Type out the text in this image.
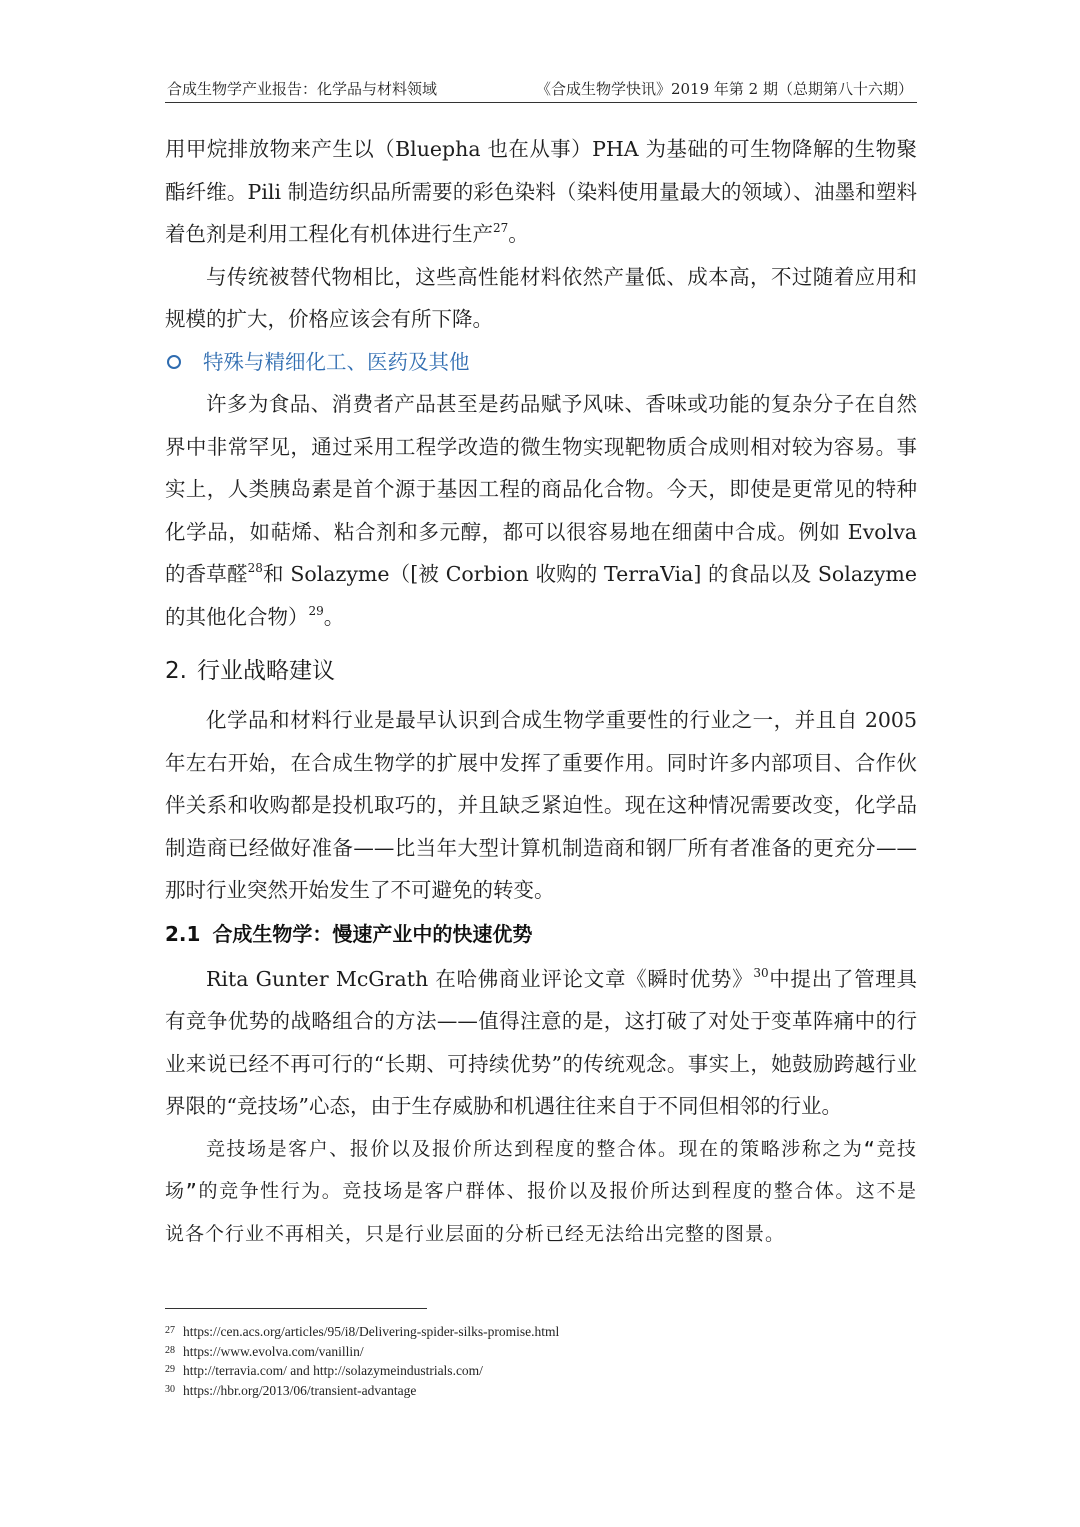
合成生物学产业报告：化学品与材料领域	《合成生物学快讯》2019 年第 2 期（总期第八十六期）

用甲烷排放物来产生以（Bluepha 也在从事）PHA 为基础的可生物降解的生物聚酯纤维。Pili 制造纺织品所需要的彩色染料（染料使用量最大的领域）、油墨和塑料着色剂是利用工程化有机体进行生产$^{27}$。

与传统被替代物相比，这些高性能材料依然产量低、成本高，不过随着应用和规模的扩大，价格应该会有所下降。

特殊与精细化工、医药及其他

许多为食品、消费者产品甚至是药品赋予风味、香味或功能的复杂分子在自然界中非常罕见，通过采用工程学改造的微生物实现靶物质合成则相对较为容易。事实上，人类胰岛素是首个源于基因工程的商品化合物。今天，即使是更常见的特种化学品，如萜烯、粘合剂和多元醇，都可以很容易地在细菌中合成。例如 Evolva 的香草醛$^{28}$和 Solazyme（[被 Corbion 收购的 TerraVia] 的食品以及 Solazyme 的其他化合物）$^{29}$。

2. 行业战略建议

化学品和材料行业是最早认识到合成生物学重要性的行业之一，并且自 2005 年左右开始，在合成生物学的扩展中发挥了重要作用。同时许多内部项目、合作伙伴关系和收购都是投机取巧的，并且缺乏紧迫性。现在这种情况需要改变，化学品制造商已经做好准备——比当年大型计算机制造商和钢厂所有者准备的更充分——那时行业突然开始发生了不可避免的转变。

2.1 合成生物学：慢速产业中的快速优势

Rita Gunter McGrath 在哈佛商业评论文章《瞬时优势》$^{30}$中提出了管理具有竞争优势的战略组合的方法——值得注意的是，这打破了对处于变革阵痛中的行业来说已经不再可行的“长期、可持续优势”的传统观念。事实上，她鼓励跨越行业界限的“竞技场”心态，由于生存威胁和机遇往往来自于不同但相邻的行业。

竞技场是客户、报价以及报价所达到程度的整合体。现在的策略涉称之为“竞技场”的竞争性行为。竞技场是客户群体、报价以及报价所达到程度的整合体。这不是说各个行业不再相关，只是行业层面的分析已经无法给出完整的图景。

27 https://cen.acs.org/articles/95/i8/Delivering-spider-silks-promise.html
28 https://www.evolva.com/vanillin/
29 http://terravia.com/ and http://solazymeindustrials.com/
30 https://hbr.org/2013/06/transient-advantage
